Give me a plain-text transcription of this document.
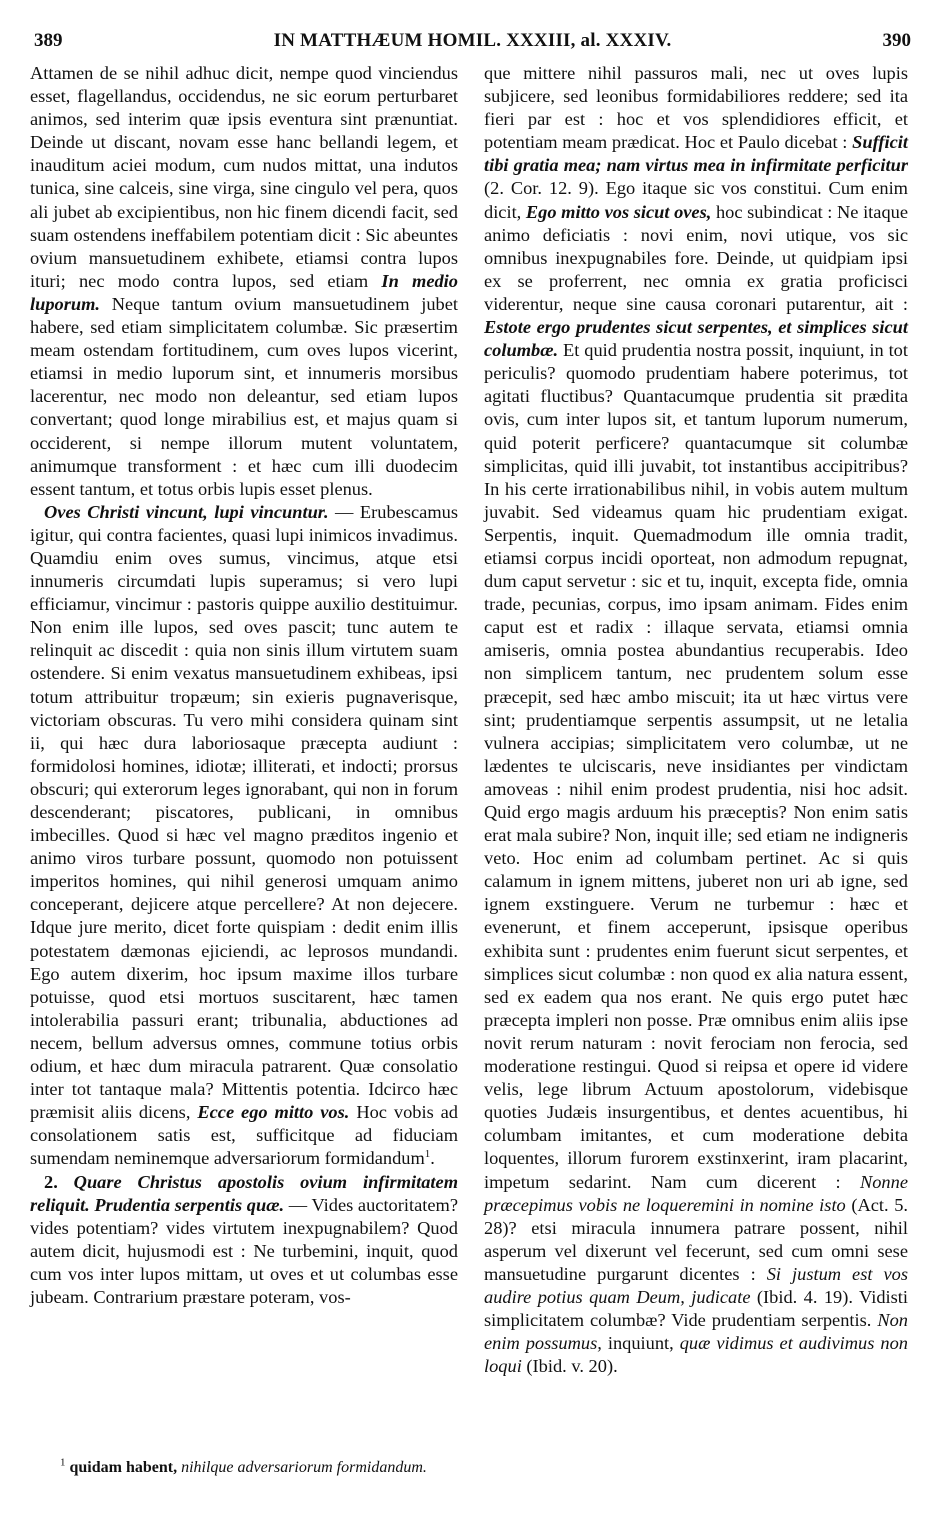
389	IN MATTHÆUM HOMIL. XXXIII, al. XXXIV.	390

Attamen de se nihil adhuc dicit, nempe quod vinciendus esset, flagellandus, occidendus, ne sic eorum perturbaret animos, sed interim quæ ipsis eventura sint prænuntiat. Deinde ut discant, novam esse hanc bellandi legem, et inauditum aciei modum, cum nudos mittat, una indutos tunica, sine calceis, sine virga, sine cingulo vel pera, quos ali jubet ab excipientibus, non hic finem dicendi facit, sed suam ostendens ineffabilem potentiam dicit : Sic abeuntes ovium mansuetudinem exhibete, etiamsi contra lupos ituri; nec modo contra lupos, sed etiam In medio luporum. Neque tantum ovium mansuetudinem jubet habere, sed etiam simplicitatem columbæ. Sic præsertim meam ostendam fortitudinem, cum oves lupos vicerint, etiamsi in medio luporum sint, et innumeris morsibus lacerentur, nec modo non deleantur, sed etiam lupos convertant; quod longe mirabilius est, et majus quam si occiderent, si nempe illorum mutent voluntatem, animumque transforment : et hæc cum illi duodecim essent tantum, et totus orbis lupis esset plenus.

Oves Christi vincunt, lupi vincuntur. — Erubescamus igitur, qui contra facientes, quasi lupi inimicos invadimus. Quamdiu enim oves sumus, vincimus, atque etsi innumeris circumdati lupis superamus; si vero lupi efficiamur, vincimur : pastoris quippe auxilio destituimur. Non enim ille lupos, sed oves pascit; tunc autem te relinquit ac discedit : quia non sinis illum virtutem suam ostendere. Si enim vexatus mansuetudinem exhibeas, ipsi totum attribuitur tropæum; sin exieris pugnaverisque, victoriam obscuras. Tu vero mihi considera quinam sint ii, qui hæc dura laboriosaque præcepta audiunt : formidolosi homines, idiotæ; illiterati, et indocti; prorsus obscuri; qui exterorum leges ignorabant, qui non in forum descenderant; piscatores, publicani, in omnibus imbecilles. Quod si hæc vel magno præditos ingenio et animo viros turbare possunt, quomodo non potuissent imperitos homines, qui nihil generosi umquam animo conceperant, dejicere atque percellere? At non dejecere. Idque jure merito, dicet forte quispiam : dedit enim illis potestatem dæmonas ejiciendi, ac leprosos mundandi. Ego autem dixerim, hoc ipsum maxime illos turbare potuisse, quod etsi mortuos suscitarent, hæc tamen intolerabilia passuri erant; tribunalia, abductiones ad necem, bellum adversus omnes, commune totius orbis odium, et hæc dum miracula patrarent. Quæ consolatio inter tot tantaque mala? Mittentis potentia. Idcirco hæc præmisit aliis dicens, Ecce ego mitto vos. Hoc vobis ad consolationem satis est, sufficitque ad fiduciam sumendam neminemque adversariorum formidandum$^1$.

2. Quare Christus apostolis ovium infirmitatem reliquit. Prudentia serpentis quæ. — Vides auctoritatem? vides potentiam? vides virtutem inexpugnabilem? Quod autem dicit, hujusmodi est : Ne turbemini, inquit, quod cum vos inter lupos mittam, ut oves et ut columbas esse jubeam. Contrarium præstare poteram, vos-

que mittere nihil passuros mali, nec ut oves lupis subjicere, sed leonibus formidabiliores reddere; sed ita fieri par est : hoc et vos splendidiores efficit, et potentiam meam prædicat. Hoc et Paulo dicebat : Sufficit tibi gratia mea; nam virtus mea in infirmitate perficitur (2. Cor. 12. 9). Ego itaque sic vos constitui. Cum enim dicit, Ego mitto vos sicut oves, hoc subindicat : Ne itaque animo deficiatis : novi enim, novi utique, vos sic omnibus inexpugnabiles fore. Deinde, ut quidpiam ipsi ex se proferrent, nec omnia ex gratia proficisci viderentur, neque sine causa coronari putarentur, ait : Estote ergo prudentes sicut serpentes, et simplices sicut columbæ. Et quid prudentia nostra possit, inquiunt, in tot periculis? quomodo prudentiam habere poterimus, tot agitati fluctibus? Quantacumque prudentia sit prædita ovis, cum inter lupos sit, et tantum luporum numerum, quid poterit perficere? quantacumque sit columbæ simplicitas, quid illi juvabit, tot instantibus accipitribus? In his certe irrationabilibus nihil, in vobis autem multum juvabit. Sed videamus quam hic prudentiam exigat. Serpentis, inquit. Quemadmodum ille omnia tradit, etiamsi corpus incidi oporteat, non admodum repugnat, dum caput servetur : sic et tu, inquit, excepta fide, omnia trade, pecunias, corpus, imo ipsam animam. Fides enim caput est et radix : illaque servata, etiamsi omnia amiseris, omnia postea abundantius recuperabis. Ideo non simplicem tantum, nec prudentem solum esse præcepit, sed hæc ambo miscuit; ita ut hæc virtus vere sint; prudentiamque serpentis assumpsit, ut ne letalia vulnera accipias; simplicitatem vero columbæ, ut ne lædentes te ulciscaris, neve insidiantes per vindictam amoveas : nihil enim prodest prudentia, nisi hoc adsit. Quid ergo magis arduum his præceptis? Non enim satis erat mala subire? Non, inquit ille; sed etiam ne indigneris veto. Hoc enim ad columbam pertinet. Ac si quis calamum in ignem mittens, juberet non uri ab igne, sed ignem exstinguere. Verum ne turbemur : hæc et evenerunt, et finem acceperunt, ipsisque operibus exhibita sunt : prudentes enim fuerunt sicut serpentes, et simplices sicut columbæ : non quod ex alia natura essent, sed ex eadem qua nos erant. Ne quis ergo putet hæc præcepta impleri non posse. Præ omnibus enim aliis ipse novit rerum naturam : novit ferociam non ferocia, sed moderatione restingui. Quod si reipsa et opere id videre velis, lege librum Actuum apostolorum, videbisque quoties Judæis insurgentibus, et dentes acuentibus, hi columbam imitantes, et cum moderatione debita loquentes, illorum furorem exstinxerint, iram placarint, impetum sedarint. Nam cum dicerent : Nonne præcepimus vobis ne loqueremini in nomine isto (Act. 5. 28)? etsi miracula innumera patrare possent, nihil asperum vel dixerunt vel fecerunt, sed cum omni sese mansuetudine purgarunt dicentes : Si justum est vos audire potius quam Deum, judicate (Ibid. 4. 19). Vidisti simplicitatem columbæ? Vide prudentiam serpentis. Non enim possumus, inquiunt, quæ vidimus et audivimus non loqui (Ibid. v. 20).

$^1$ quidam habent, nihilque adversariorum formidandum.
